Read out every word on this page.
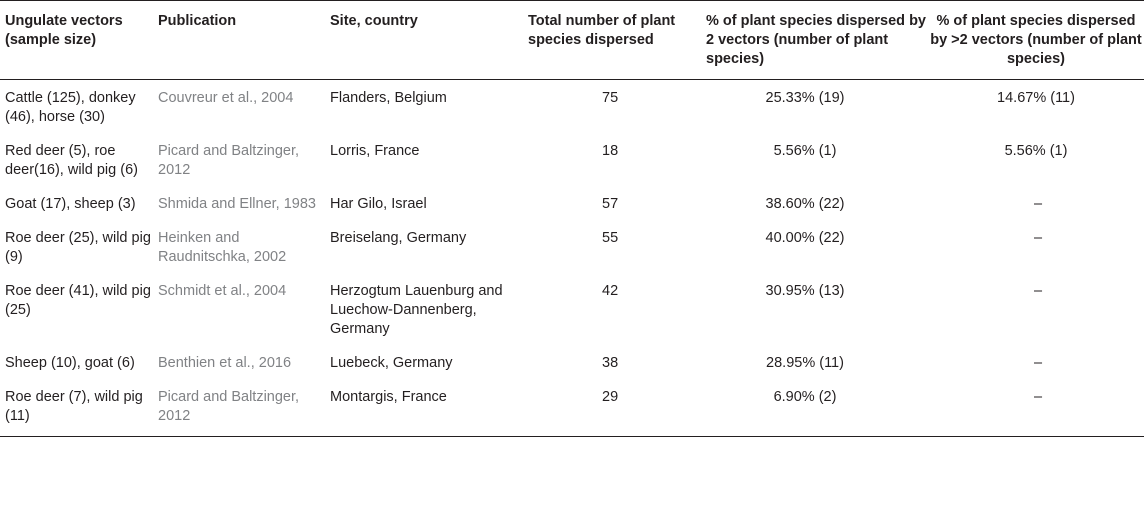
Ungulate vectors (sample size)	Publication	Site, country	Total number of plant species dispersed	% of plant species dispersed by 2 vectors (number of plant species)	% of plant species dispersed by >2 vectors (number of plant species)
Cattle (125), donkey (46), horse (30)	Couvreur et al., 2004	Flanders, Belgium	75	25.33% (19)	14.67% (11)
Red deer (5), roe deer(16), wild pig (6)	Picard and Baltzinger, 2012	Lorris, France	18	5.56% (1)	5.56% (1)
Goat (17), sheep (3)	Shmida and Ellner, 1983	Har Gilo, Israel	57	38.60% (22)	–
Roe deer (25), wild pig (9)	Heinken and Raudnitschka, 2002	Breiselang, Germany	55	40.00% (22)	–
Roe deer (41), wild pig (25)	Schmidt et al., 2004	Herzogtum Lauenburg and Luechow-Dannenberg, Germany	42	30.95% (13)	–
Sheep (10), goat (6)	Benthien et al., 2016	Luebeck, Germany	38	28.95% (11)	–
Roe deer (7), wild pig (11)	Picard and Baltzinger, 2012	Montargis, France	29	6.90% (2)	–
